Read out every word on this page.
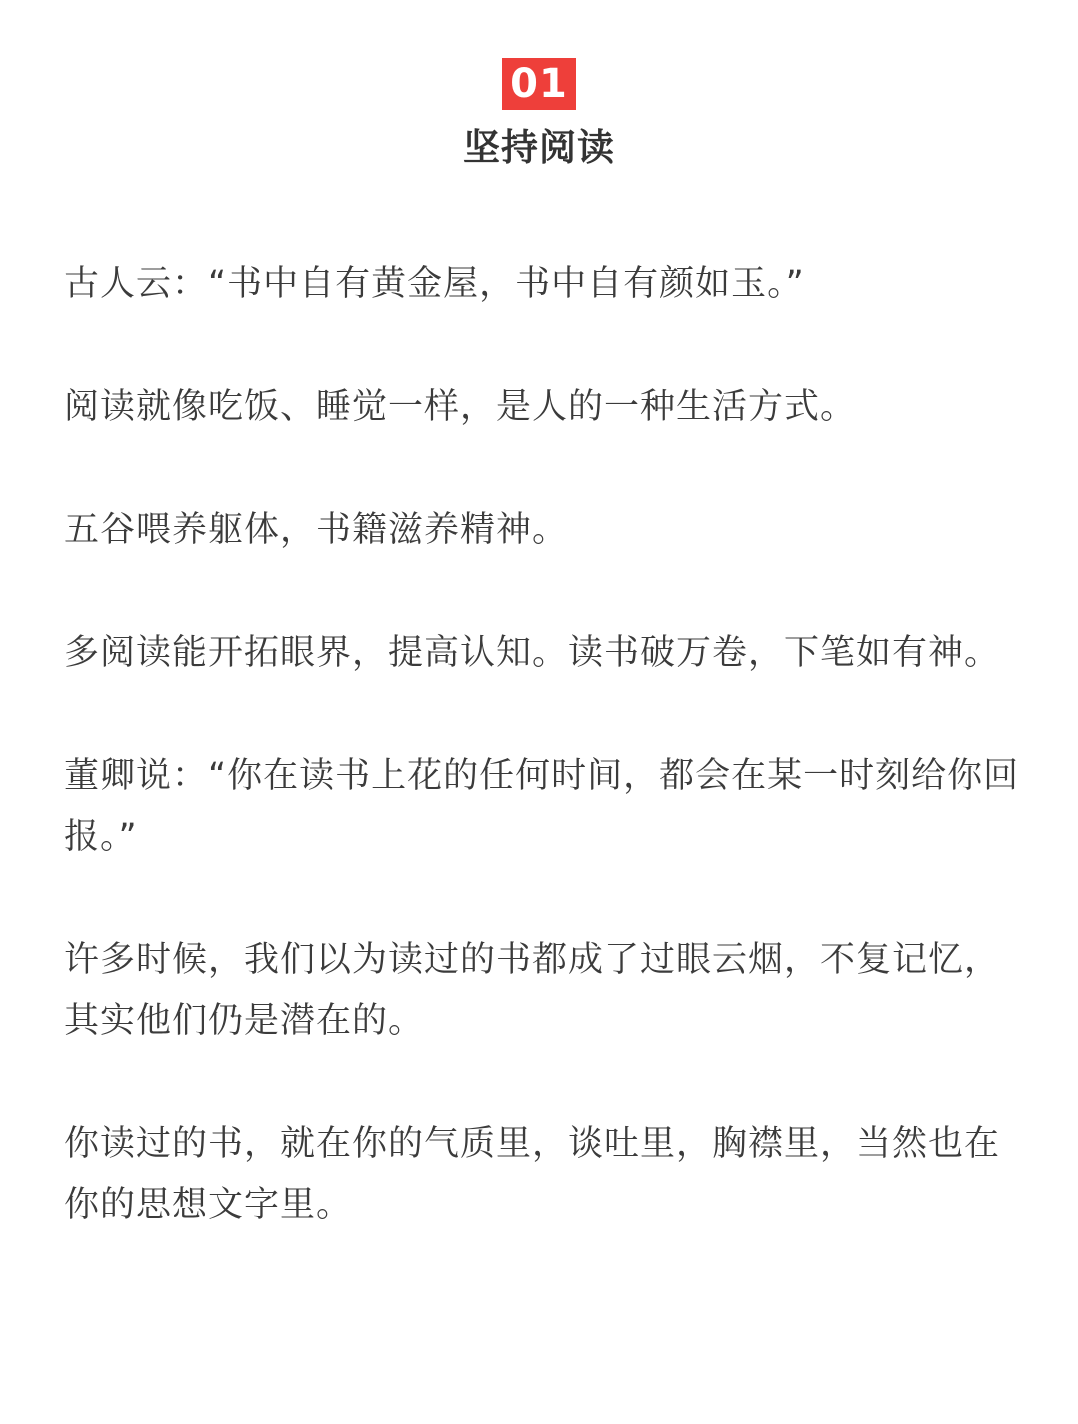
01
坚持阅读

古人云：“书中自有黄金屋，书中自有颜如玉。”

阅读就像吃饭、睡觉一样，是人的一种生活方式。

五谷喂养躯体，书籍滋养精神。

多阅读能开拓眼界，提高认知。读书破万卷，下笔如有神。

董卿说：“你在读书上花的任何时间，都会在某一时刻给你回报。”

许多时候，我们以为读过的书都成了过眼云烟，不复记忆，其实他们仍是潜在的。

你读过的书，就在你的气质里，谈吐里，胸襟里，当然也在你的思想文字里。
